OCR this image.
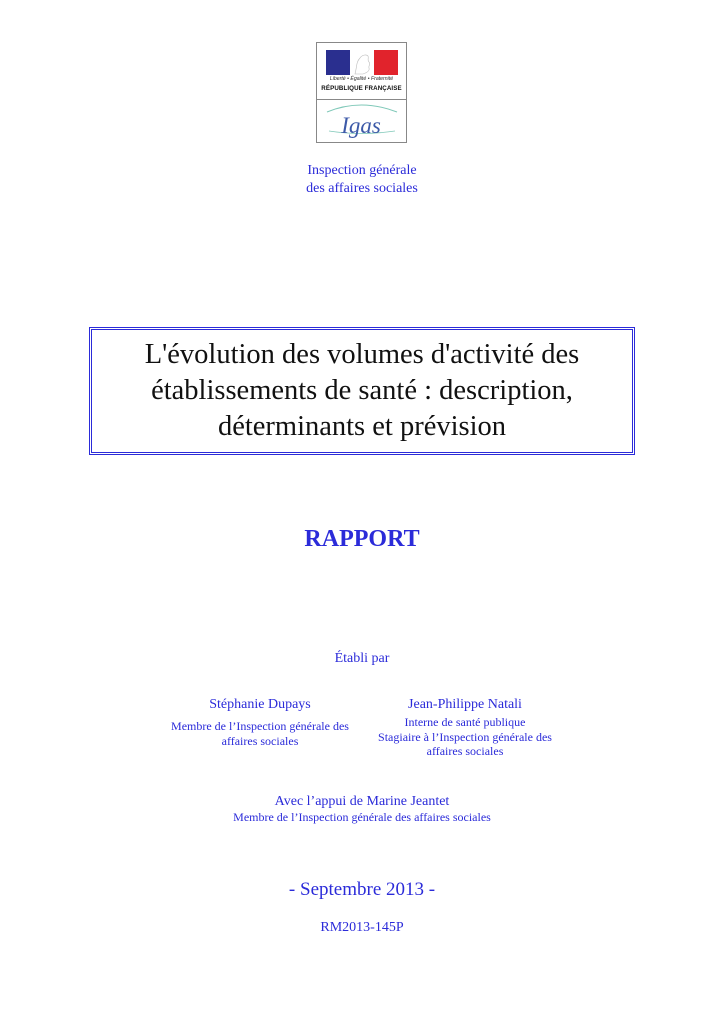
Liberté • Égalité • Fraternité
RÉPUBLIQUE FRANÇAISE
Igas
Inspection générale
des affaires sociales
L'évolution des volumes d'activité des
établissements de santé : description,
déterminants et prévision
RAPPORT
Établi par
Stéphanie Dupays
Membre de l’Inspection générale des
affaires sociales
Jean-Philippe Natali
Interne de santé publique
Stagiaire à l’Inspection générale des
affaires sociales
Avec l’appui de Marine Jeantet
Membre de l’Inspection générale des affaires sociales
- Septembre 2013 -
RM2013-145P
